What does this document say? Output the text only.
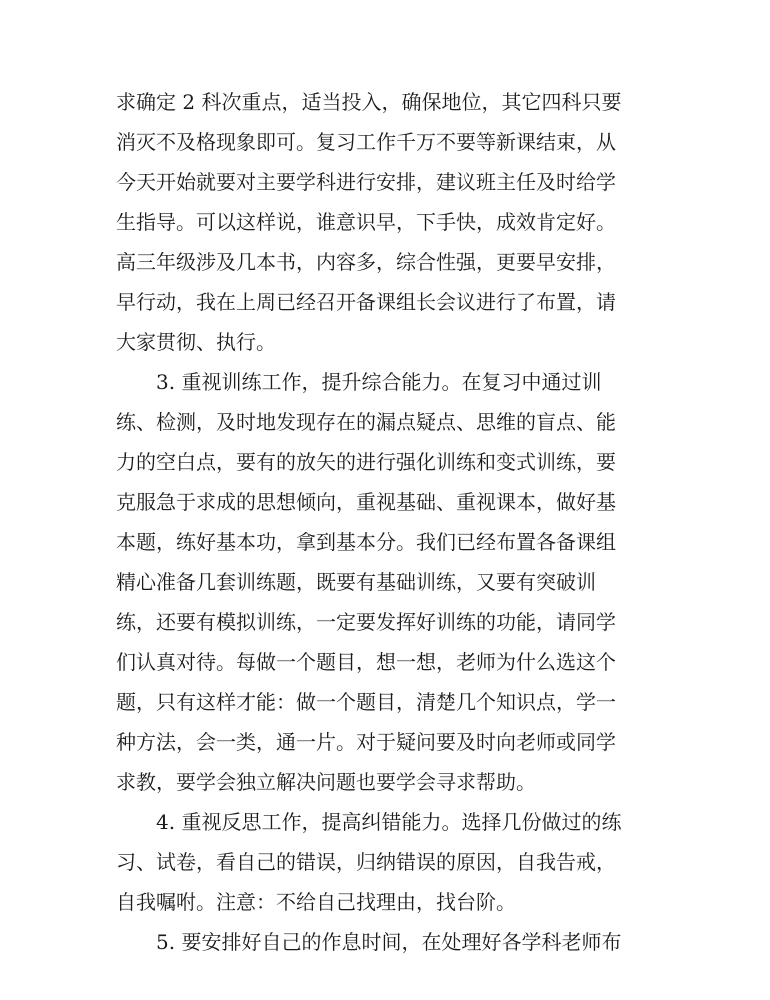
求确定 2 科次重点，适当投入，确保地位，其它四科只要
消灭不及格现象即可。复习工作千万不要等新课结束，从
今天开始就要对主要学科进行安排，建议班主任及时给学
生指导。可以这样说，谁意识早，下手快，成效肯定好。
高三年级涉及几本书，内容多，综合性强，更要早安排，
早行动，我在上周已经召开备课组长会议进行了布置，请
大家贯彻、执行。
　　3. 重视训练工作，提升综合能力。在复习中通过训
练、检测，及时地发现存在的漏点疑点、思维的盲点、能
力的空白点，要有的放矢的进行强化训练和变式训练，要
克服急于求成的思想倾向，重视基础、重视课本，做好基
本题，练好基本功，拿到基本分。我们已经布置各备课组
精心准备几套训练题，既要有基础训练，又要有突破训
练，还要有模拟训练，一定要发挥好训练的功能，请同学
们认真对待。每做一个题目，想一想，老师为什么选这个
题，只有这样才能：做一个题目，清楚几个知识点，学一
种方法，会一类，通一片。对于疑问要及时向老师或同学
求教，要学会独立解决问题也要学会寻求帮助。
　　4. 重视反思工作，提高纠错能力。选择几份做过的练
习、试卷，看自己的错误，归纳错误的原因，自我告戒，
自我嘱咐。注意：不给自己找理由，找台阶。
　　5. 要安排好自己的作息时间，在处理好各学科老师布
